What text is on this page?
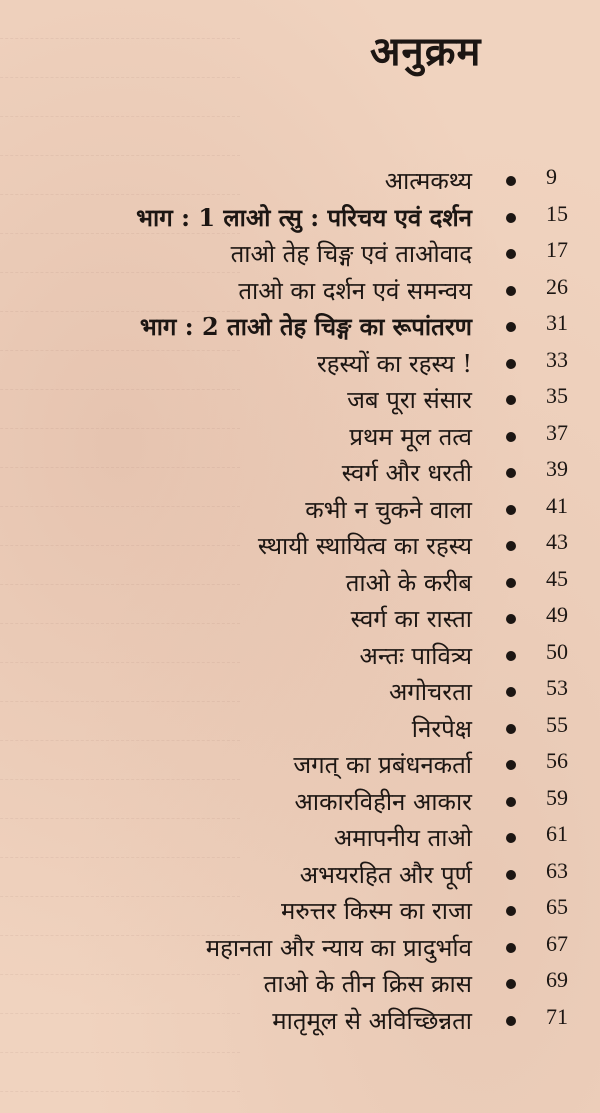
अनुक्रम
आत्मकथ्य	9
भाग : 1 लाओ त्सु : परिचय एवं दर्शन	15
ताओ तेह चिङ्ग एवं ताओवाद	17
ताओ का दर्शन एवं समन्वय	26
भाग : 2 ताओ तेह चिङ्ग का रूपांतरण	31
रहस्यों का रहस्य !	33
जब पूरा संसार	35
प्रथम मूल तत्व	37
स्वर्ग और धरती	39
कभी न चुकने वाला	41
स्थायी स्थायित्व का रहस्य	43
ताओ के करीब	45
स्वर्ग का रास्ता	49
अन्तः पावित्र्य	50
अगोचरता	53
निरपेक्ष	55
जगत् का प्रबंधनकर्ता	56
आकारविहीन आकार	59
अमापनीय ताओ	61
अभयरहित और पूर्ण	63
मरुत्तर किस्म का राजा	65
महानता और न्याय का प्रादुर्भाव	67
ताओ के तीन क्रिस क्रास	69
मातृमूल से अविच्छिन्नता	71
